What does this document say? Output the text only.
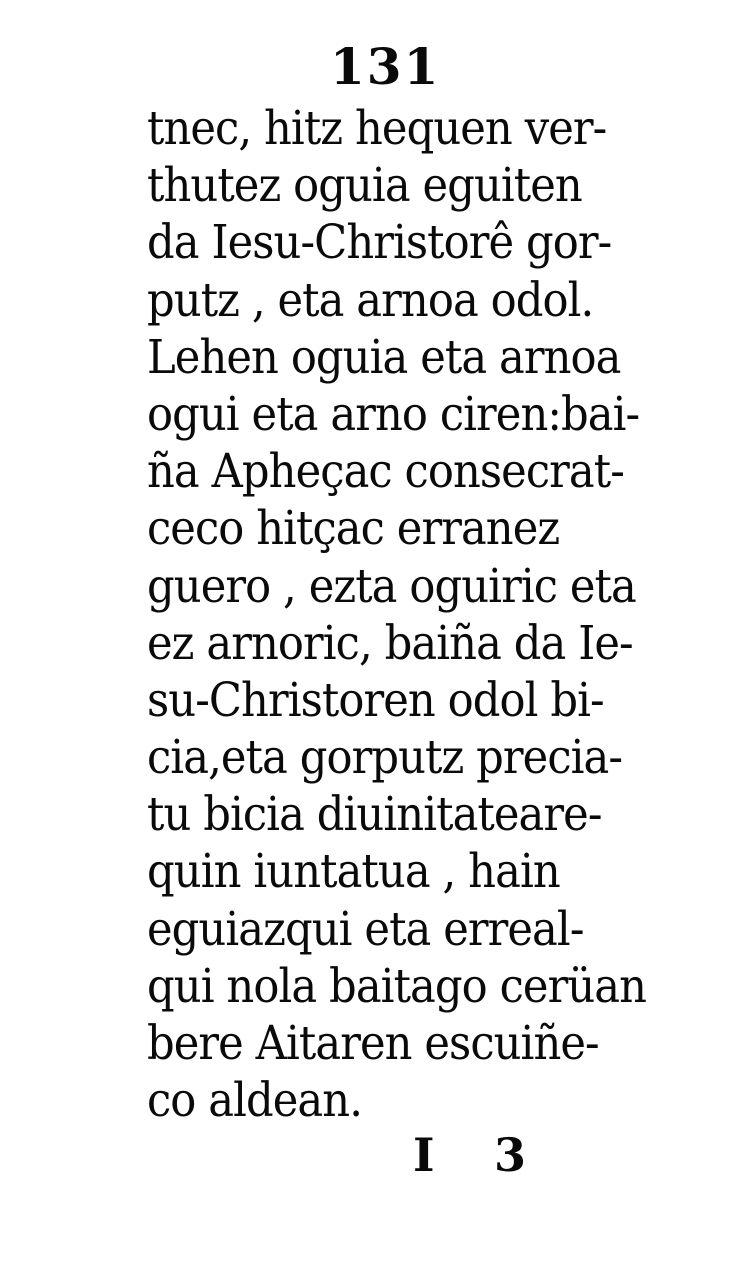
131
tnec, hitz hequen ver-
thutez oguia eguiten
da Iesu-Christorê gor-
putz , eta arnoa odol.
Lehen oguia eta arnoa
ogui eta arno ciren:bai-
ña Apheçac consecrat-
ceco hitçac erranez
guero , ezta oguiric eta
ez arnoric, baiña da Ie-
su-Christoren odol bi-
cia,eta gorputz precia-
tu bicia diuinitateare-
quin iuntatua , hain
eguiazqui eta erreal-
qui nola baitago cerüan
bere Aitaren escuiñe-
co aldean.
I 3
